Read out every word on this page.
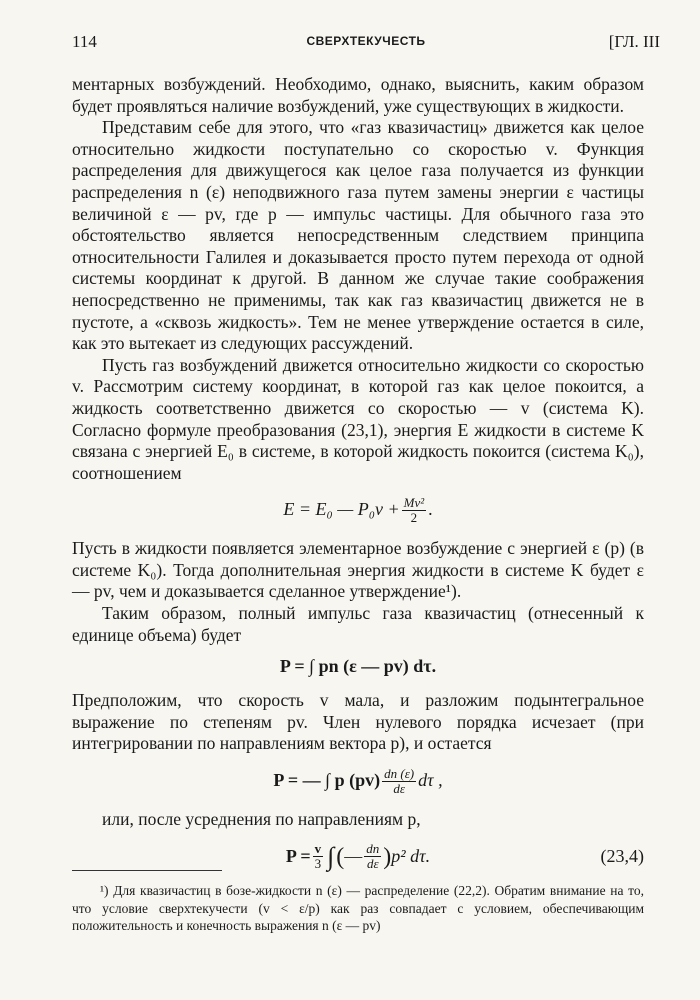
114	СВЕРХТЕКУЧЕСТЬ	[ГЛ. III

ментарных возбуждений. Необходимо, однако, выяснить, каким образом будет проявляться наличие возбуждений, уже существующих в жидкости.

Представим себе для этого, что «газ квазичастиц» движется как целое относительно жидкости поступательно со скоростью v. Функция распределения для движущегося как целое газа получается из функции распределения n (ε) неподвижного газа путем замены энергии ε частицы величиной ε — pv, где p — импульс частицы. Для обычного газа это обстоятельство является непосредственным следствием принципа относительности Галилея и доказывается просто путем перехода от одной системы координат к другой. В данном же случае такие соображения непосредственно не применимы, так как газ квазичастиц движется не в пустоте, а «сквозь жидкость». Тем не менее утверждение остается в силе, как это вытекает из следующих рассуждений.

Пусть газ возбуждений движется относительно жидкости со скоростью v. Рассмотрим систему координат, в которой газ как целое покоится, а жидкость соответственно движется со скоростью — v (система K). Согласно формуле преобразования (23,1), энергия E жидкости в системе K связана с энергией E₀ в системе, в которой жидкость покоится (система K₀), соотношением

E = E₀ — $P_0v + \frac{\text{Mv²}}{2}$ .

Пусть в жидкости появляется элементарное возбуждение с энергией ε (p) (в системе K₀). Тогда дополнительная энергия жидкости в системе K будет ε — pv, чем и доказывается сделанное утверждение¹).

Таким образом, полный импульс газа квазичастиц (отнесенный к единице объема) будет

P = ∫ pn (ε — pv) dτ.

Предположим, что скорость v мала, и разложим подынтегральное выражение по степеням pv. Член нулевого порядка исчезает (при интегрировании по направлениям вектора p), и остается

P = — ∫ p $(pv) \frac{dn (\varepsilon)}{d\varepsilon}$ dτ ,

или, после усреднения по направлениям p,

$P = \frac{v}{3}$ ∫ ( — $\frac{dn}{d\varepsilon}$ ) p² dτ.	(23,4)

¹) Для квазичастиц в бозе-жидкости n (ε) — распределение (22,2). Обратим внимание на то, что условие сверхтекучести (v < ε/p) как раз совпадает с условием, обеспечивающим положительность и конечность выражения n (ε — pv)
